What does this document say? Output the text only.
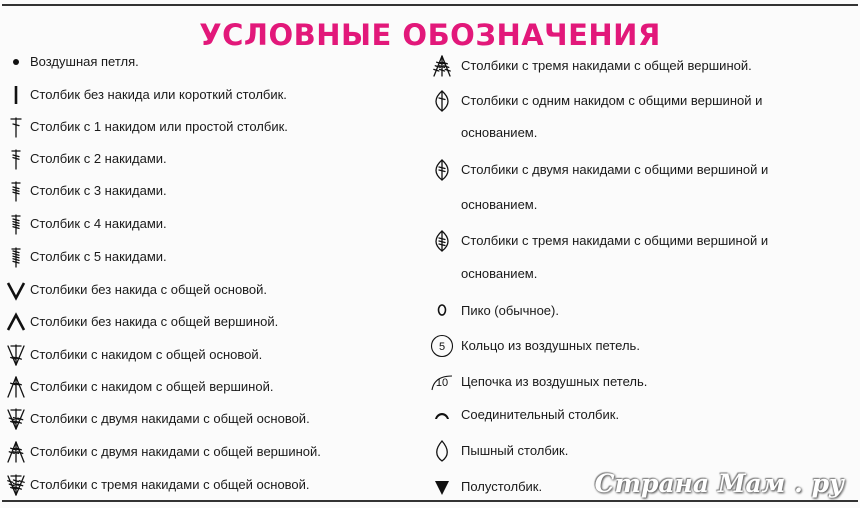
УСЛОВНЫЕ ОБОЗНАЧЕНИЯ
Воздушная петля.
Столбик без накида или короткий столбик.
Столбик с 1 накидом или простой столбик.
Столбик с 2 накидами.
Столбик с 3 накидами.
Столбик с 4 накидами.
Столбик с 5 накидами.
Столбики без накида с общей основой.
Столбики без накида с общей вершиной.
Столбики с накидом с общей основой.
Столбики с накидом с общей вершиной.
Столбики с двумя накидами с общей основой.
Столбики с двумя накидами с общей вершиной.
Столбики с тремя накидами с общей основой.
Столбики с тремя накидами с общей вершиной.
Столбики с одним накидом с общими вершиной и
основанием.
Столбики с двумя накидами с общими вершиной и
основанием.
Столбики с тремя накидами с общими вершиной и
основанием.
Пико (обычное).
5 Кольцо из воздушных петель.
10 Цепочка из воздушных петель.
Соединительный столбик.
Пышный столбик.
Полустолбик. Страна Мам . ру
